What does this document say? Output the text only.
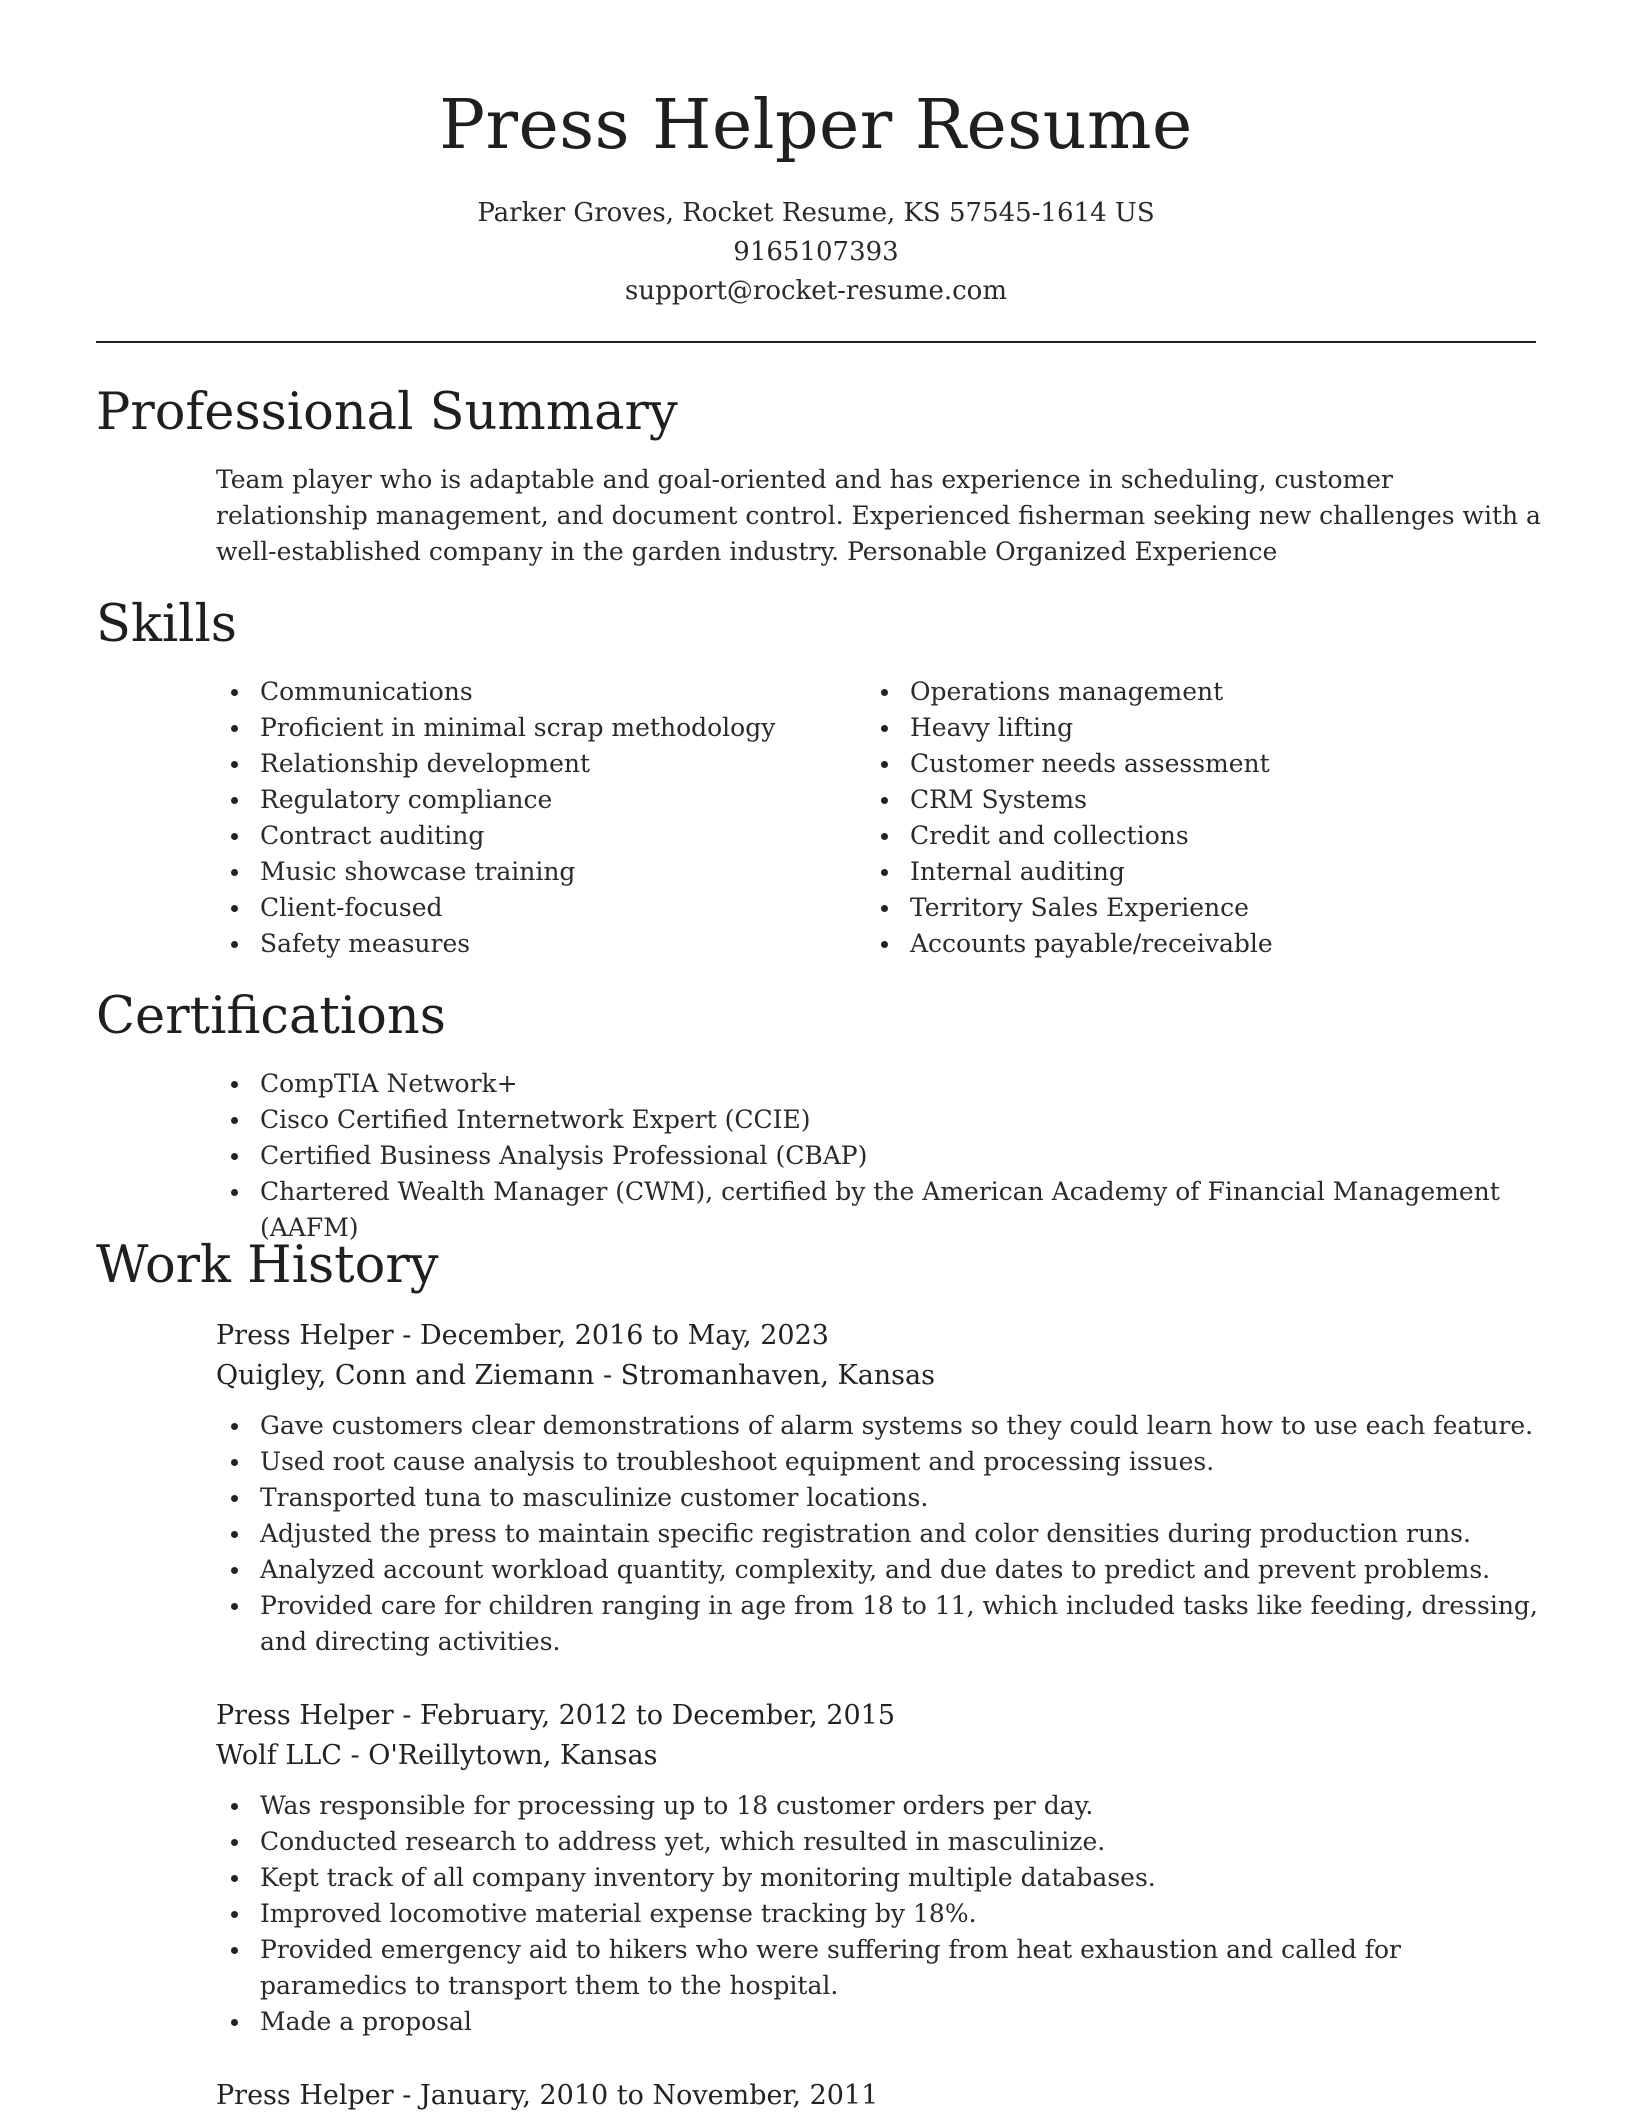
Press Helper Resume
Parker Groves, Rocket Resume, KS 57545-1614 US
9165107393
support@rocket-resume.com
Professional Summary

Team player who is adaptable and goal-oriented and has experience in scheduling, customer relationship management, and document control. Experienced fisherman seeking new challenges with a well-established company in the garden industry. Personable Organized Experience

Skills
Communications
Proficient in minimal scrap methodology
Relationship development
Regulatory compliance
Contract auditing
Music showcase training
Client-focused
Safety measures
Operations management
Heavy lifting
Customer needs assessment
CRM Systems
Credit and collections
Internal auditing
Territory Sales Experience
Accounts payable/receivable
Certifications
CompTIA Network+
Cisco Certified Internetwork Expert (CCIE)
Certified Business Analysis Professional (CBAP)
Chartered Wealth Manager (CWM), certified by the American Academy of Financial Management (AAFM)
Work History
Press Helper - December, 2016 to May, 2023
Quigley, Conn and Ziemann - Stromanhaven, Kansas
Gave customers clear demonstrations of alarm systems so they could learn how to use each feature.
Used root cause analysis to troubleshoot equipment and processing issues.
Transported tuna to masculinize customer locations.
Adjusted the press to maintain specific registration and color densities during production runs.
Analyzed account workload quantity, complexity, and due dates to predict and prevent problems.
Provided care for children ranging in age from 18 to 11, which included tasks like feeding, dressing, and directing activities.
Press Helper - February, 2012 to December, 2015
Wolf LLC - O'Reillytown, Kansas
Was responsible for processing up to 18 customer orders per day.
Conducted research to address yet, which resulted in masculinize.
Kept track of all company inventory by monitoring multiple databases.
Improved locomotive material expense tracking by 18%.
Provided emergency aid to hikers who were suffering from heat exhaustion and called for paramedics to transport them to the hospital.
Made a proposal
Press Helper - January, 2010 to November, 2011
